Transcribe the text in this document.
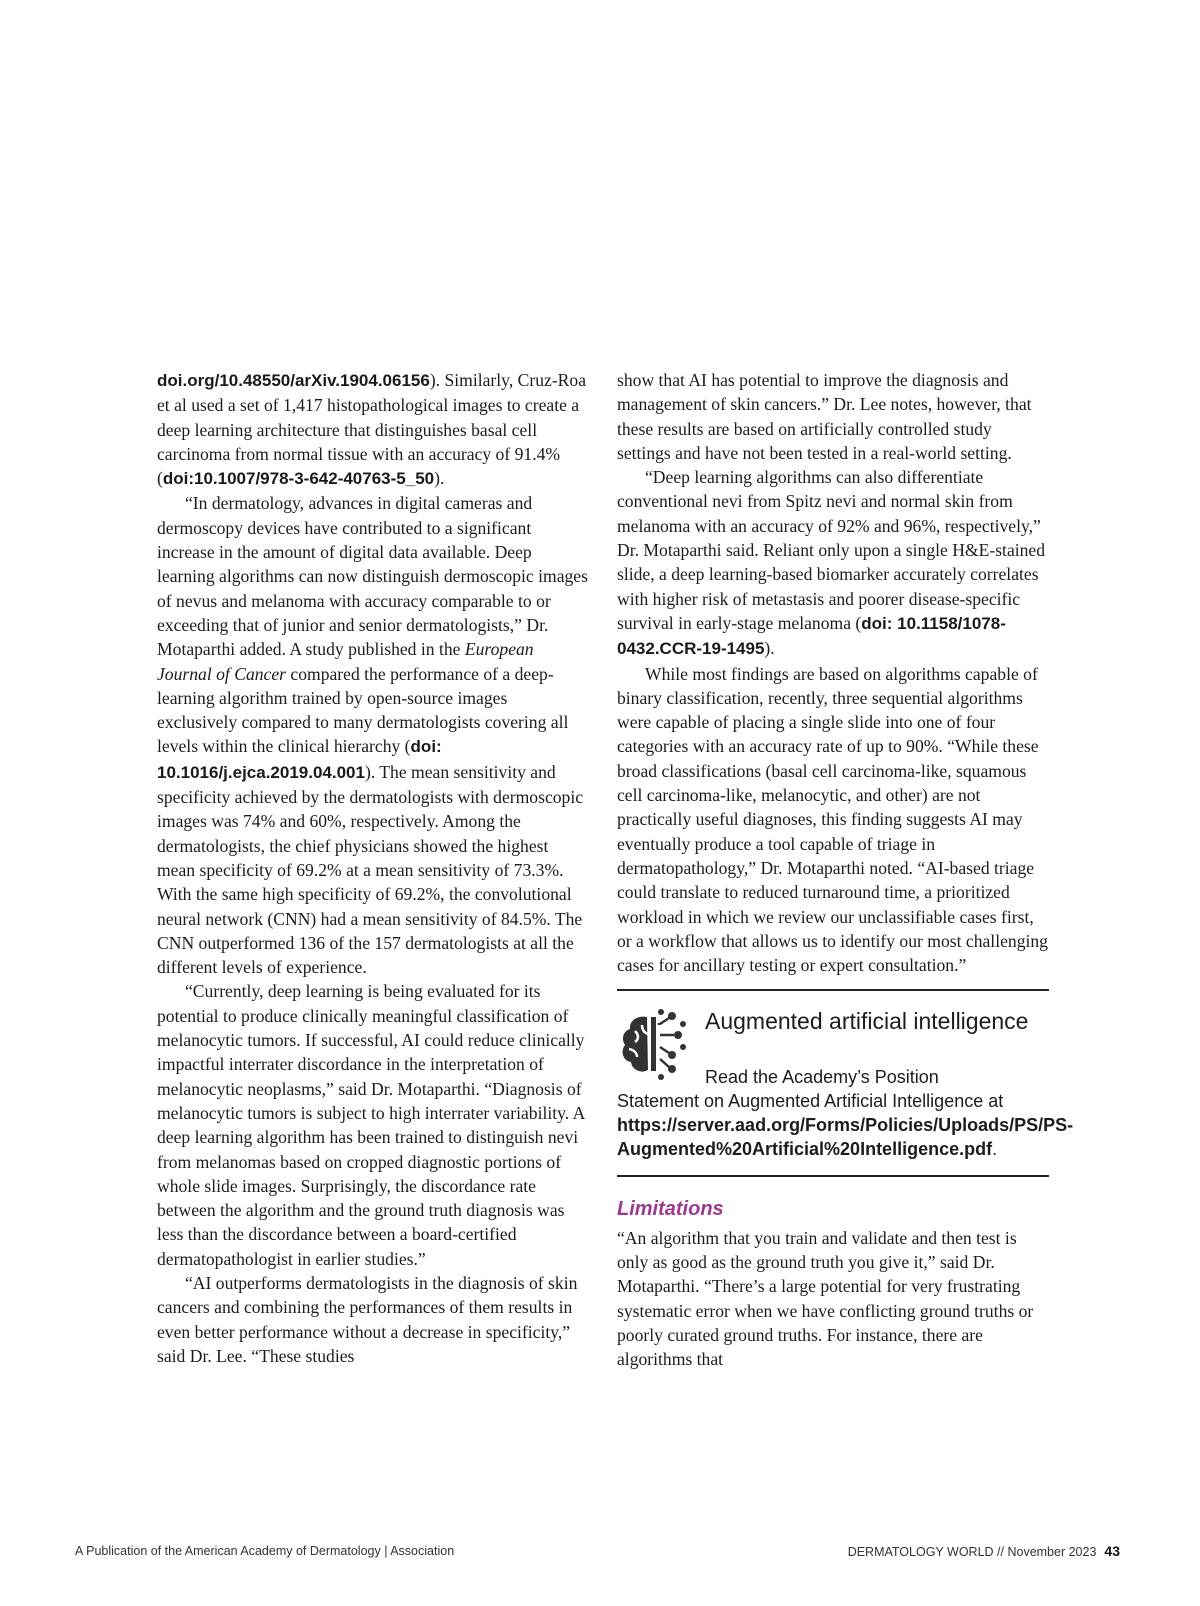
doi.org/10.48550/arXiv.1904.06156). Similarly, Cruz-Roa et al used a set of 1,417 histopathological images to create a deep learning architecture that distinguishes basal cell carcinoma from normal tissue with an accuracy of 91.4% (doi:10.1007/978-3-642-40763-5_50).

“In dermatology, advances in digital cameras and dermoscopy devices have contributed to a significant increase in the amount of digital data available. Deep learning algorithms can now distinguish dermoscopic images of nevus and melanoma with accuracy comparable to or exceeding that of junior and senior dermatologists,” Dr. Motaparthi added. A study published in the European Journal of Cancer compared the performance of a deep-learning algorithm trained by open-source images exclusively compared to many dermatologists covering all levels within the clinical hierarchy (doi: 10.1016/j.ejca.2019.04.001). The mean sensitivity and specificity achieved by the dermatologists with dermoscopic images was 74% and 60%, respectively. Among the dermatologists, the chief physicians showed the highest mean specificity of 69.2% at a mean sensitivity of 73.3%. With the same high specificity of 69.2%, the convolutional neural network (CNN) had a mean sensitivity of 84.5%. The CNN outperformed 136 of the 157 dermatologists at all the different levels of experience.

“Currently, deep learning is being evaluated for its potential to produce clinically meaningful classification of melanocytic tumors. If successful, AI could reduce clinically impactful interrater discordance in the interpretation of melanocytic neoplasms,” said Dr. Motaparthi. “Diagnosis of melanocytic tumors is subject to high interrater variability. A deep learning algorithm has been trained to distinguish nevi from melanomas based on cropped diagnostic portions of whole slide images. Surprisingly, the discordance rate between the algorithm and the ground truth diagnosis was less than the discordance between a board-certified dermatopathologist in earlier studies.”

“AI outperforms dermatologists in the diagnosis of skin cancers and combining the performances of them results in even better performance without a decrease in specificity,” said Dr. Lee. “These studies

show that AI has potential to improve the diagnosis and management of skin cancers.” Dr. Lee notes, however, that these results are based on artificially controlled study settings and have not been tested in a real-world setting.

“Deep learning algorithms can also differentiate conventional nevi from Spitz nevi and normal skin from melanoma with an accuracy of 92% and 96%, respectively,” Dr. Motaparthi said. Reliant only upon a single H&E-stained slide, a deep learning-based biomarker accurately correlates with higher risk of metastasis and poorer disease-specific survival in early-stage melanoma (doi: 10.1158/1078-0432.CCR-19-1495).

While most findings are based on algorithms capable of binary classification, recently, three sequential algorithms were capable of placing a single slide into one of four categories with an accuracy rate of up to 90%. “While these broad classifications (basal cell carcinoma-like, squamous cell carcinoma-like, melanocytic, and other) are not practically useful diagnoses, this finding suggests AI may eventually produce a tool capable of triage in dermatopathology,” Dr. Motaparthi noted. “AI-based triage could translate to reduced turnaround time, a prioritized workload in which we review our unclassifiable cases first, or a workflow that allows us to identify our most challenging cases for ancillary testing or expert consultation.”

Augmented artificial intelligence
Read the Academy’s Position
Statement on Augmented Artificial Intelligence at https://server.aad.org/Forms/Policies/Uploads/PS/PS-Augmented%20Artificial%20Intelligence.pdf.
Limitations

“An algorithm that you train and validate and then test is only as good as the ground truth you give it,” said Dr. Motaparthi. “There’s a large potential for very frustrating systematic error when we have conflicting ground truths or poorly curated ground truths. For instance, there are algorithms that

A Publication of the American Academy of Dermatology | Association	DERMATOLOGY WORLD // November 2023 43
